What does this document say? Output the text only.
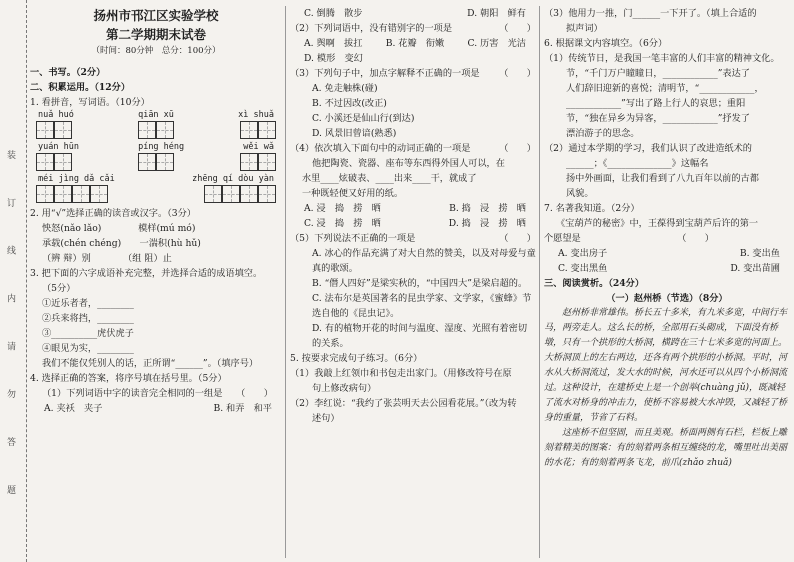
装 订 线 内 请 勿 答 题
扬州市邗江区实验学校
第二学期期末试卷
（时间：80分钟　总分：100分）
一、书写。（2分）
二、积累运用。（12分）
1. 看拼音，写词语。（10分）
nuǎ huó	qiān xū	xì shuǎ
yuán hūn	píng héng	wěi wǎ
méi jìng dǎ cǎi	zhēng qí dòu yàn
2. 用“√”选择正确的读音或汉字。（3分）
怏怒(nǎo lǎo)　　　　模样(mú mó)
承载(chén chéng)　　一湍积(hù hǔ)
（辨 辩）别　　　　（组 阻）止
3. 把下面的六字成语补充完整，并选择合适的成语填空。
（5分）
①近乐者者，________
②兵来将挡，________
③__________虎伏虎子
④眼见为实，________
我们不能仅凭别人的话，正所谓“______”。（填序号）
4. 选择正确的答案，将序号填在括号里。（5分）
（1）下列词语中字的读音完全相同的一组是　　（　　）
A. 夹袄　夹子	B. 和弄　和平
C. 倒腾　散步	D. 朝阳　鲜有
（2）下列词语中，没有错别字的一项是	（　　）
A. 舆啊　拔扛	B. 花瓣　衔嫩	C. 历害　光洁
D. 模形　变幻
（3）下列句子中，加点字解释不正确的一项是 （　　）
A. 免走触株(碰)
B. 不过因改(改正)
C. 小溪还是仙山行(到达)
D. 风景旧曾谙(熟悉)
（4）依次填入下面句中的动词正确的一项是	（　　）
他把陶瓷、瓷器、座布等东西得外国人可以，在
水里____炫破表、____出来____干，就成了
一种既轻便又好用的纸。
A. 浸　捣　捞　晒	B. 捣　浸　捞　晒
C. 浸　捣　捞　晒	D. 捣　浸　捞　晒
（5）下列说法不正确的一项是	（　　）
A. 冰心的作品充满了对大自然的赞美，以及对母爱与童真的歌颂。
B. “僭人四好”是梁实秋的，“中国四大”是梁启超的。
C. 法布尔是英国著名的昆虫学家、文学家，《蜜蜂》节选自他的《昆虫记》。
D. 有的植物开花的时间与温度、湿度、光照有着密切的关系。
5. 按要求完成句子练习。（6分）
（1）我敲上红领巾和书包走出家门。（用修改符号在原
句上修改病句）
（2）李红说：“我约了张芸明天去公园看花展。”（改为转
述句）
（3）他用力一推，门______一下开了。（填上合适的
拟声词）
6. 根据课文内容填空。（6分）
（1）传统节日，是我国一笔丰富的人们丰富的精神文化。
节，“千门万户瞳瞳日，____________”表达了
人们辞旧迎新的喜悦；清明节，“____________，
____________”写出了路上行人的哀思；重阳
节，“独在异乡为异客，____________”抒发了
漂泊游子的思念。
（2）通过本学期的学习，我们认识了改进造纸术的
______；《______________》这幅名
扬中外画面，让我们看到了八九百年以前的古都
风貌。
7. 名著我知道。（2分）
《宝葫芦的秘密》中，王葆得到宝葫芦后许的第一
个愿望是　　　　　　　　　　　（　　）
A. 变出房子	B. 变出鱼
C. 变出黑鱼	D. 变出苗圃
三、阅读赏析。（24分）
（一）赵州桥（节选）（8分）
赵州桥非常雄伟。桥长五十多米，有九米多宽，中间行车马，两旁走人。这么长的桥，全部用石头砌成，下面没有桥墩，只有一个拱形的大桥洞，横跨在三十七米多宽的河面上。大桥洞顶上的左右两边，还各有两个拱形的小桥洞。平时，河水从大桥洞流过，发大水的时候，河水还可以从四个小桥洞流过。这种设计，在建桥史上是一个创举(chuàng jǔ)，既减轻了流水对桥身的冲击力，使桥不容易被大水冲毁，又减轻了桥身的重量，节省了石料。
这座桥不但坚固，而且美观。桥面两侧有石栏，栏板上雕刻着精美的图案：有的刻着两条相互缠绕的龙，嘴里吐出美丽的水花；有的刻着两条飞龙，前爪(zhǎo zhuǎ)
